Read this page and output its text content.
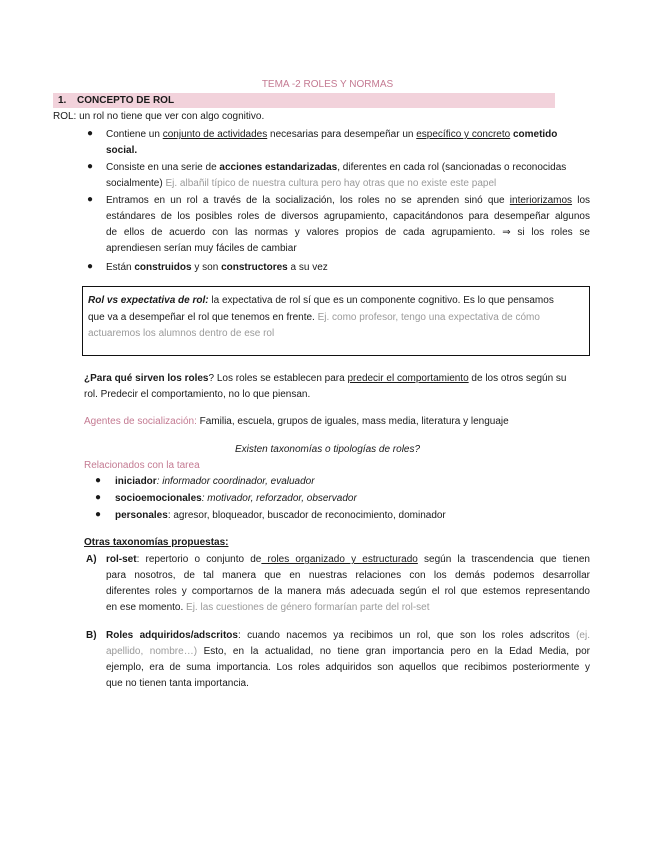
TEMA -2 ROLES Y NORMAS
1. CONCEPTO DE ROL
ROL: un rol no tiene que ver con algo cognitivo.
● Contiene un conjunto de actividades necesarias para desempeñar un específico y concreto cometido
social.
● Consiste en una serie de acciones estandarizadas, diferentes en cada rol (sancionadas o reconocidas
socialmente) Ej. albañil típico de nuestra cultura pero hay otras que no existe este papel
● Entramos en un rol a través de la socialización, los roles no se aprenden sinó que interiorizamos los
estándares de los posibles roles de diversos agrupamiento, capacitándonos para desempeñar algunos
de ellos de acuerdo con las normas y valores propios de cada agrupamiento. ⇒ si los roles se
aprendiesen serían muy fáciles de cambiar
● Están construidos y son constructores a su vez
Rol vs expectativa de rol: la expectativa de rol sí que es un componente cognitivo. Es lo que pensamos
que va a desempeñar el rol que tenemos en frente. Ej. como profesor, tengo una expectativa de cómo
actuaremos los alumnos dentro de ese rol
¿Para qué sirven los roles? Los roles se establecen para predecir el comportamiento de los otros según su
rol. Predecir el comportamiento, no lo que piensan.
Agentes de socialización: Familia, escuela, grupos de iguales, mass media, literatura y lenguaje
Existen taxonomías o tipologías de roles?
Relacionados con la tarea
● iniciador: informador coordinador, evaluador
● socioemocionales: motivador, reforzador, observador
● personales: agresor, bloqueador, buscador de reconocimiento, dominador
Otras taxonomías propuestas:
A) rol-set: repertorio o conjunto de roles organizado y estructurado según la trascendencia que tienen
para nosotros, de tal manera que en nuestras relaciones con los demás podemos desarrollar
diferentes roles y comportarnos de la manera más adecuada según el rol que estemos representando
en ese momento. Ej. las cuestiones de género formarían parte del rol-set
B) Roles adquiridos/adscritos: cuando nacemos ya recibimos un rol, que son los roles adscritos (ej.
apellido, nombre…) Esto, en la actualidad, no tiene gran importancia pero en la Edad Media, por
ejemplo, era de suma importancia. Los roles adquiridos son aquellos que recibimos posteriormente y
que no tienen tanta importancia.
